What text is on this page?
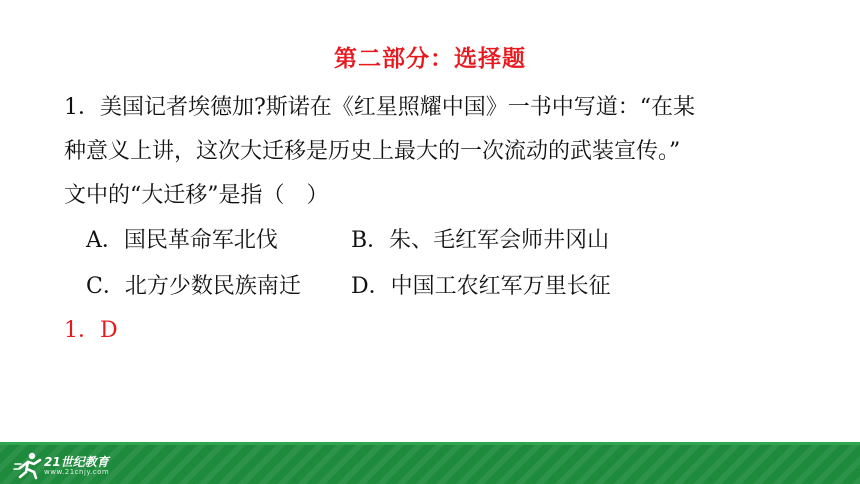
第二部分：选择题
1．美国记者埃德加?斯诺在《红星照耀中国》一书中写道：“在某
种意义上讲，这次大迁移是历史上最大的一次流动的武装宣传。”
文中的“大迁移”是指（　）
A．国民革命军北伐	B．朱、毛红军会师井冈山
C．北方少数民族南迁 D．中国工农红军万里长征
1．D
21世纪教育
www.21cnjy.com
